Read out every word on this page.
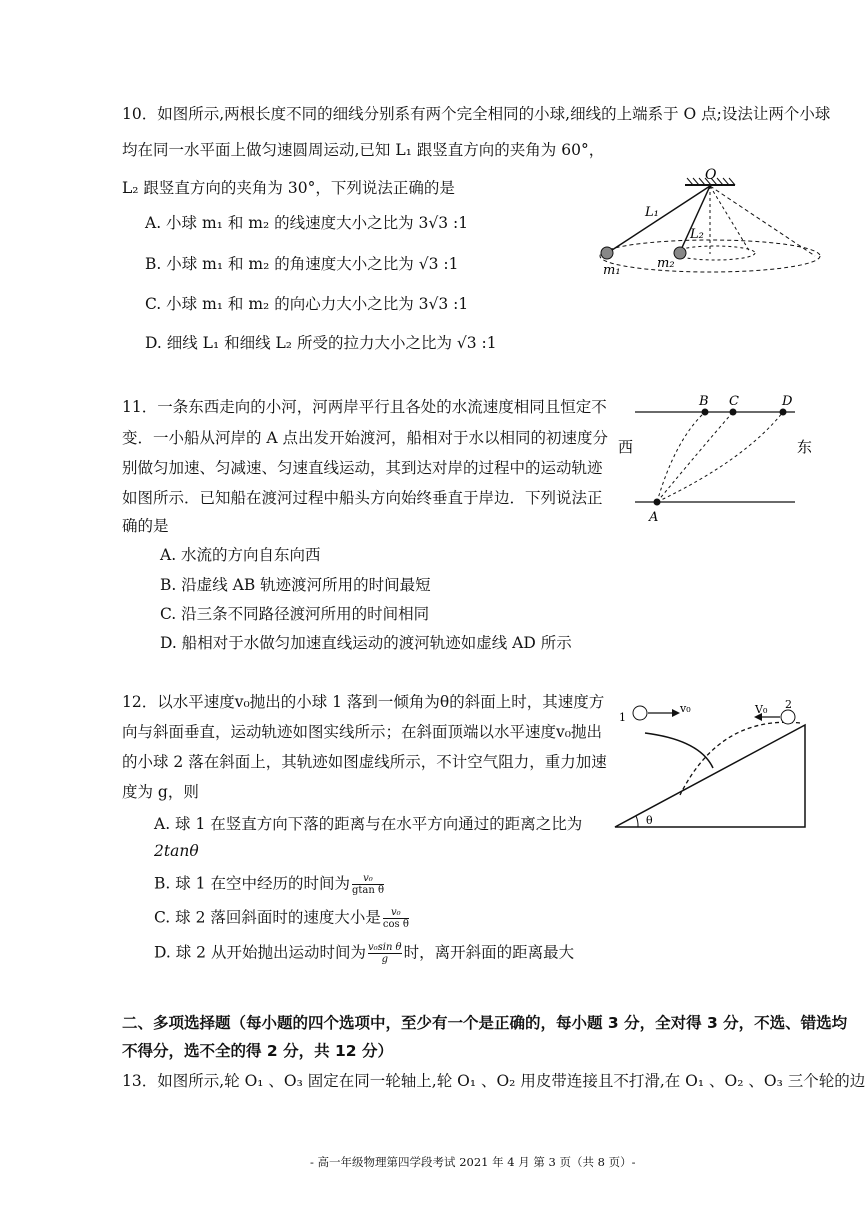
10．如图所示,两根长度不同的细线分别系有两个完全相同的小球,细线的上端系于 O 点;设法让两个小球
均在同一水平面上做匀速圆周运动,已知 L₁ 跟竖直方向的夹角为 60°，
L₂ 跟竖直方向的夹角为 30°，下列说法正确的是
A. 小球 m₁ 和 m₂ 的线速度大小之比为 3√3 :1
B. 小球 m₁ 和 m₂ 的角速度大小之比为 √3 :1
C. 小球 m₁ 和 m₂ 的向心力大小之比为 3√3 :1
D. 细线 L₁ 和细线 L₂ 所受的拉力大小之比为 √3 :1
O
L₁
L₂
m₁	m₂
11．一条东西走向的小河，河两岸平行且各处的水流速度相同且恒定不
变．一小船从河岸的 A 点出发开始渡河，船相对于水以相同的初速度分
别做匀加速、匀减速、匀速直线运动，其到达对岸的过程中的运动轨迹
如图所示．已知船在渡河过程中船头方向始终垂直于岸边．下列说法正
确的是
A. 水流的方向自东向西
B. 沿虚线 AB 轨迹渡河所用的时间最短
C. 沿三条不同路径渡河所用的时间相同
D. 船相对于水做匀加速直线运动的渡河轨迹如虚线 AD 所示
西	东
A
B C	D
12．以水平速度v₀抛出的小球 1 落到一倾角为θ的斜面上时，其速度方
向与斜面垂直，运动轨迹如图实线所示；在斜面顶端以水平速度v₀抛出
的小球 2 落在斜面上，其轨迹如图虚线所示，不计空气阻力，重力加速
度为 g，则
A. 球 1 在竖直方向下落的距离与在水平方向通过的距离之比为
2tanθ
B. 球 1 在空中经历的时间为 $\frac{\text{v₀}}{\text{gtan θ}}$
C. 球 2 落回斜面时的速度大小是 $\frac{\text{v₀}}{\text{cos θ}}$
D. 球 2 从开始抛出运动时间为 $\frac{\text{v₀sin θ}}{g}$ 时，离开斜面的距离最大
1
v₀	V₀ 2
θ
二、多项选择题（每小题的四个选项中，至少有一个是正确的，每小题 3 分，全对得 3 分，不选、错选均
不得分，选不全的得 2 分，共 12 分）
13．如图所示,轮 O₁ 、O₃ 固定在同一轮轴上,轮 O₁ 、O₂ 用皮带连接且不打滑,在 O₁ 、O₂ 、O₃ 三个轮的边
- 高一年级物理第四学段考试 2021 年 4 月 第 3 页（共 8 页）-
